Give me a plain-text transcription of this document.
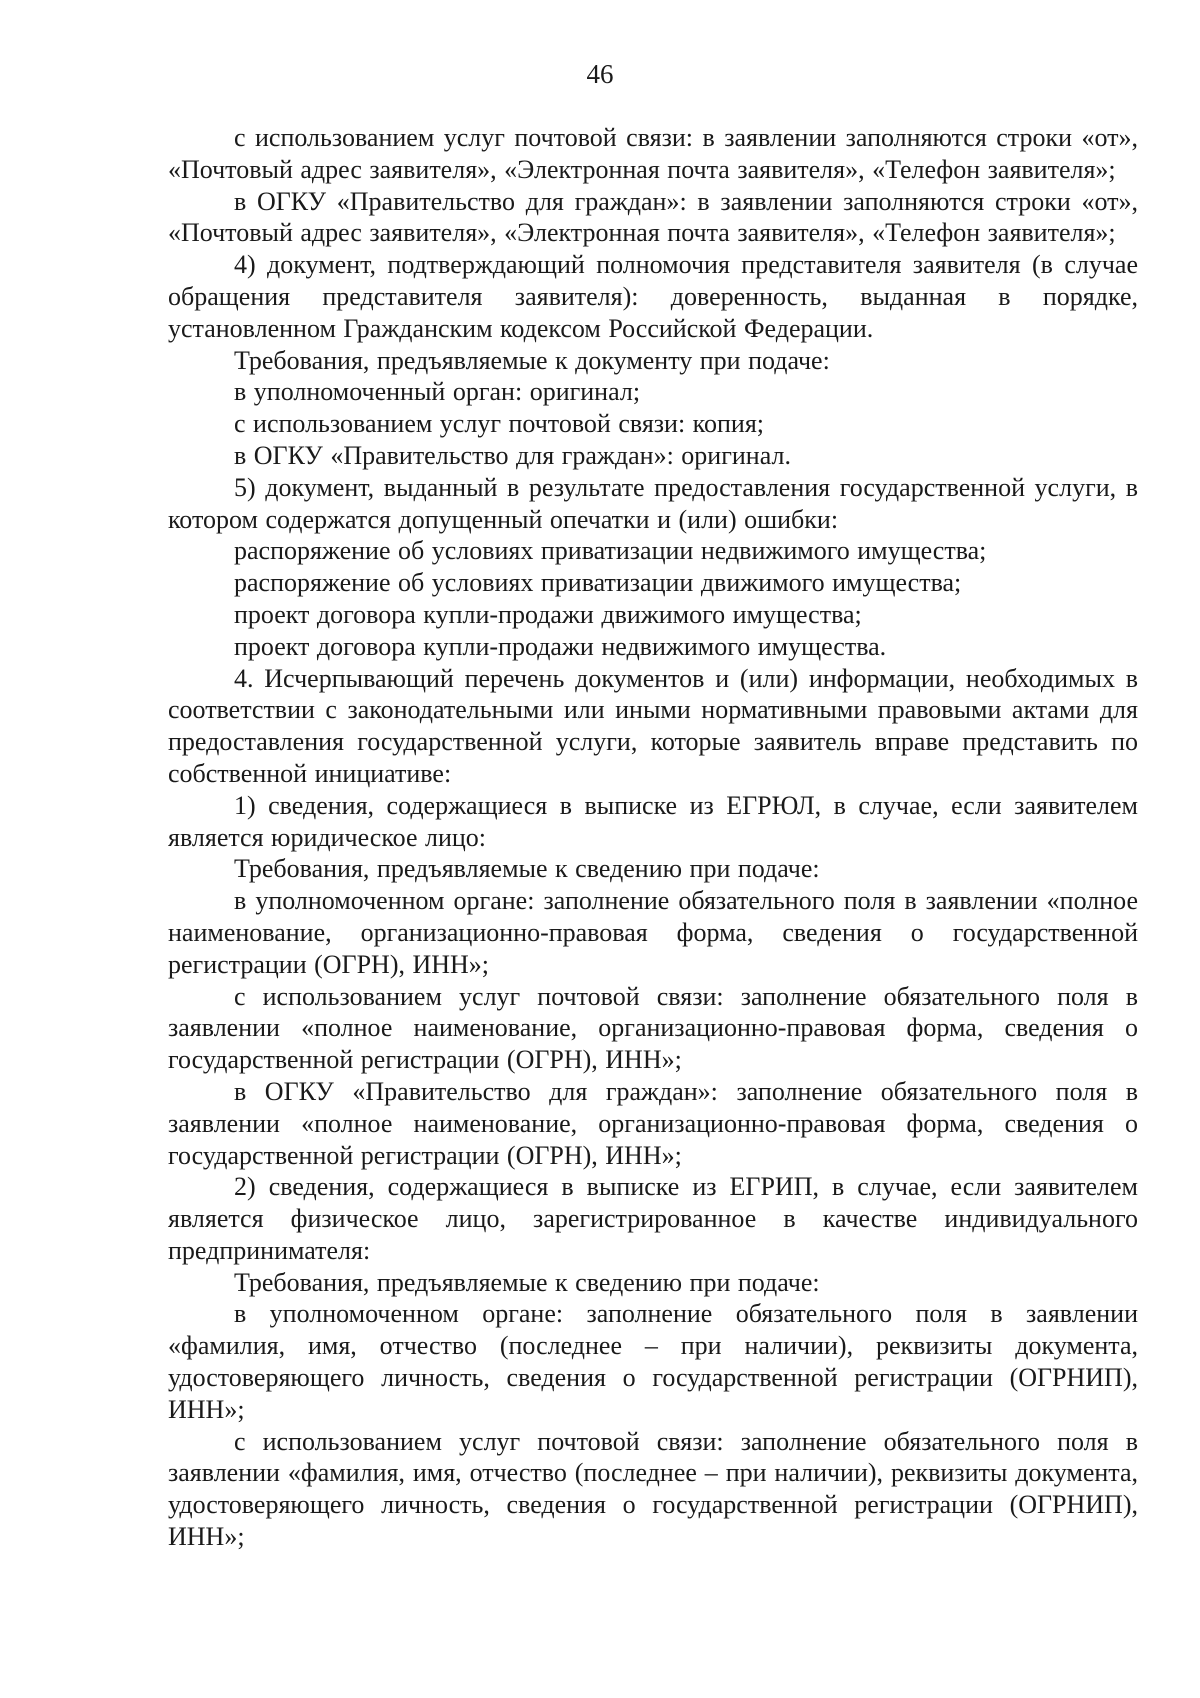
46

с использованием услуг почтовой связи: в заявлении заполняются строки «от», «Почтовый адрес заявителя», «Электронная почта заявителя», «Телефон заявителя»;

в ОГКУ «Правительство для граждан»: в заявлении заполняются строки «от», «Почтовый адрес заявителя», «Электронная почта заявителя», «Телефон заявителя»;

4) документ, подтверждающий полномочия представителя заявителя (в случае обращения представителя заявителя): доверенность, выданная в порядке, установленном Гражданским кодексом Российской Федерации.

Требования, предъявляемые к документу при подаче:

в уполномоченный орган: оригинал;

с использованием услуг почтовой связи: копия;

в ОГКУ «Правительство для граждан»: оригинал.

5) документ, выданный в результате предоставления государственной услуги, в котором содержатся допущенный опечатки и (или) ошибки:

распоряжение об условиях приватизации недвижимого имущества;

распоряжение об условиях приватизации движимого имущества;

проект договора купли-продажи движимого имущества;

проект договора купли-продажи недвижимого имущества.

4. Исчерпывающий перечень документов и (или) информации, необходимых в соответствии с законодательными или иными нормативными правовыми актами для предоставления государственной услуги, которые заявитель вправе представить по собственной инициативе:

1) сведения, содержащиеся в выписке из ЕГРЮЛ, в случае, если заявителем является юридическое лицо:

Требования, предъявляемые к сведению при подаче:

в уполномоченном органе: заполнение обязательного поля в заявлении «полное наименование, организационно-правовая форма, сведения о государственной регистрации (ОГРН), ИНН»;

с использованием услуг почтовой связи: заполнение обязательного поля в заявлении «полное наименование, организационно-правовая форма, сведения о государственной регистрации (ОГРН), ИНН»;

в ОГКУ «Правительство для граждан»: заполнение обязательного поля в заявлении «полное наименование, организационно-правовая форма, сведения о государственной регистрации (ОГРН), ИНН»;

2) сведения, содержащиеся в выписке из ЕГРИП, в случае, если заявителем является физическое лицо, зарегистрированное в качестве индивидуального предпринимателя:

Требования, предъявляемые к сведению при подаче:

в уполномоченном органе: заполнение обязательного поля в заявлении «фамилия, имя, отчество (последнее – при наличии), реквизиты документа, удостоверяющего личность, сведения о государственной регистрации (ОГРНИП), ИНН»;

с использованием услуг почтовой связи: заполнение обязательного поля в заявлении «фамилия, имя, отчество (последнее – при наличии), реквизиты документа, удостоверяющего личность, сведения о государственной регистрации (ОГРНИП), ИНН»;
